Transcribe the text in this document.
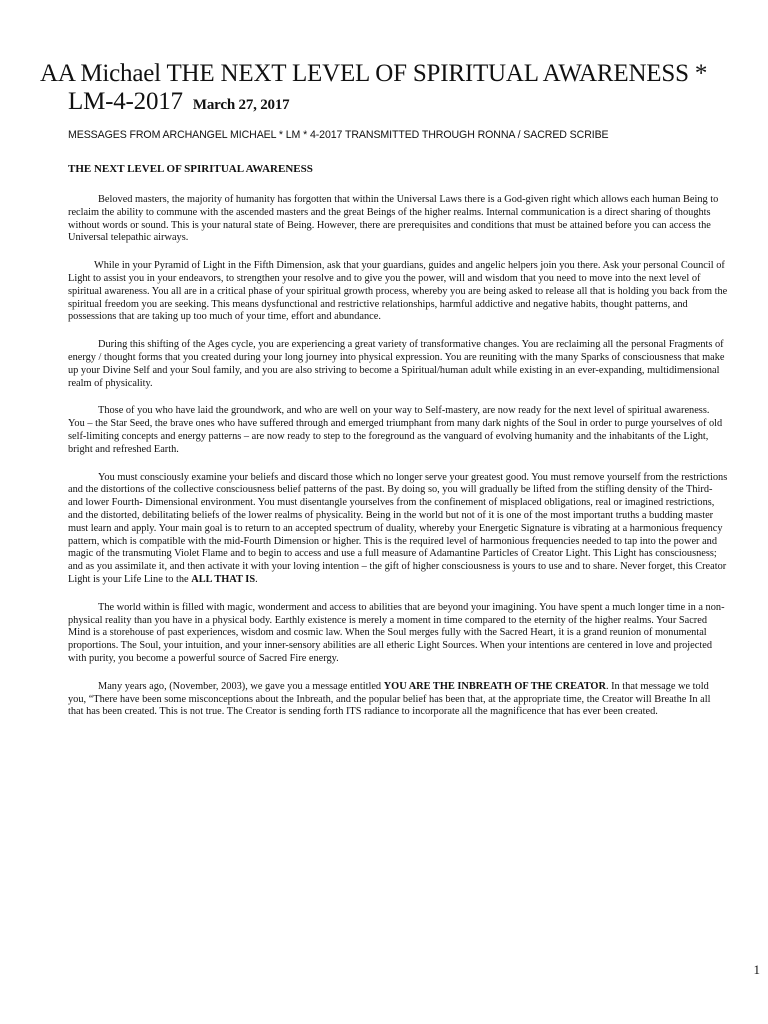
AA Michael THE NEXT LEVEL OF SPIRITUAL AWARENESS * LM-4-2017 March 27, 2017
MESSAGES FROM ARCHANGEL MICHAEL * LM * 4-2017 TRANSMITTED THROUGH RONNA / SACRED SCRIBE
THE NEXT LEVEL OF SPIRITUAL AWARENESS

Beloved masters, the majority of humanity has forgotten that within the Universal Laws there is a God-given right which allows each human Being to reclaim the ability to commune with the ascended masters and the great Beings of the higher realms. Internal communication is a direct sharing of thoughts without words or sound. This is your natural state of Being. However, there are prerequisites and conditions that must be attained before you can access the Universal telepathic airways.

While in your Pyramid of Light in the Fifth Dimension, ask that your guardians, guides and angelic helpers join you there. Ask your personal Council of Light to assist you in your endeavors, to strengthen your resolve and to give you the power, will and wisdom that you need to move into the next level of spiritual awareness. You all are in a critical phase of your spiritual growth process, whereby you are being asked to release all that is holding you back from the spiritual freedom you are seeking. This means dysfunctional and restrictive relationships, harmful addictive and negative habits, thought patterns, and possessions that are taking up too much of your time, effort and abundance.

During this shifting of the Ages cycle, you are experiencing a great variety of transformative changes. You are reclaiming all the personal Fragments of energy / thought forms that you created during your long journey into physical expression. You are reuniting with the many Sparks of consciousness that make up your Divine Self and your Soul family, and you are also striving to become a Spiritual/human adult while existing in an ever-expanding, multidimensional realm of physicality.

Those of you who have laid the groundwork, and who are well on your way to Self-mastery, are now ready for the next level of spiritual awareness. You – the Star Seed, the brave ones who have suffered through and emerged triumphant from many dark nights of the Soul in order to purge yourselves of old self-limiting concepts and energy patterns – are now ready to step to the foreground as the vanguard of evolving humanity and the inhabitants of the Light, bright and refreshed Earth.

You must consciously examine your beliefs and discard those which no longer serve your greatest good. You must remove yourself from the restrictions and the distortions of the collective consciousness belief patterns of the past. By doing so, you will gradually be lifted from the stifling density of the Third- and lower Fourth- Dimensional environment. You must disentangle yourselves from the confinement of misplaced obligations, real or imagined restrictions, and the distorted, debilitating beliefs of the lower realms of physicality. Being in the world but not of it is one of the most important truths a budding master must learn and apply. Your main goal is to return to an accepted spectrum of duality, whereby your Energetic Signature is vibrating at a harmonious frequency pattern, which is compatible with the mid-Fourth Dimension or higher. This is the required level of harmonious frequencies needed to tap into the power and magic of the transmuting Violet Flame and to begin to access and use a full measure of Adamantine Particles of Creator Light. This Light has consciousness; and as you assimilate it, and then activate it with your loving intention – the gift of higher consciousness is yours to use and to share. Never forget, this Creator Light is your Life Line to the ALL THAT IS.

The world within is filled with magic, wonderment and access to abilities that are beyond your imagining. You have spent a much longer time in a non-physical reality than you have in a physical body. Earthly existence is merely a moment in time compared to the eternity of the higher realms. Your Sacred Mind is a storehouse of past experiences, wisdom and cosmic law. When the Soul merges fully with the Sacred Heart, it is a grand reunion of monumental proportions. The Soul, your intuition, and your inner-sensory abilities are all etheric Light Sources. When your intentions are centered in love and projected with purity, you become a powerful source of Sacred Fire energy.

Many years ago, (November, 2003), we gave you a message entitled YOU ARE THE INBREATH OF THE CREATOR. In that message we told you, “There have been some misconceptions about the Inbreath, and the popular belief has been that, at the appropriate time, the Creator will Breathe In all that has been created. This is not true. The Creator is sending forth ITS radiance to incorporate all the magnificence that has ever been created.

1
